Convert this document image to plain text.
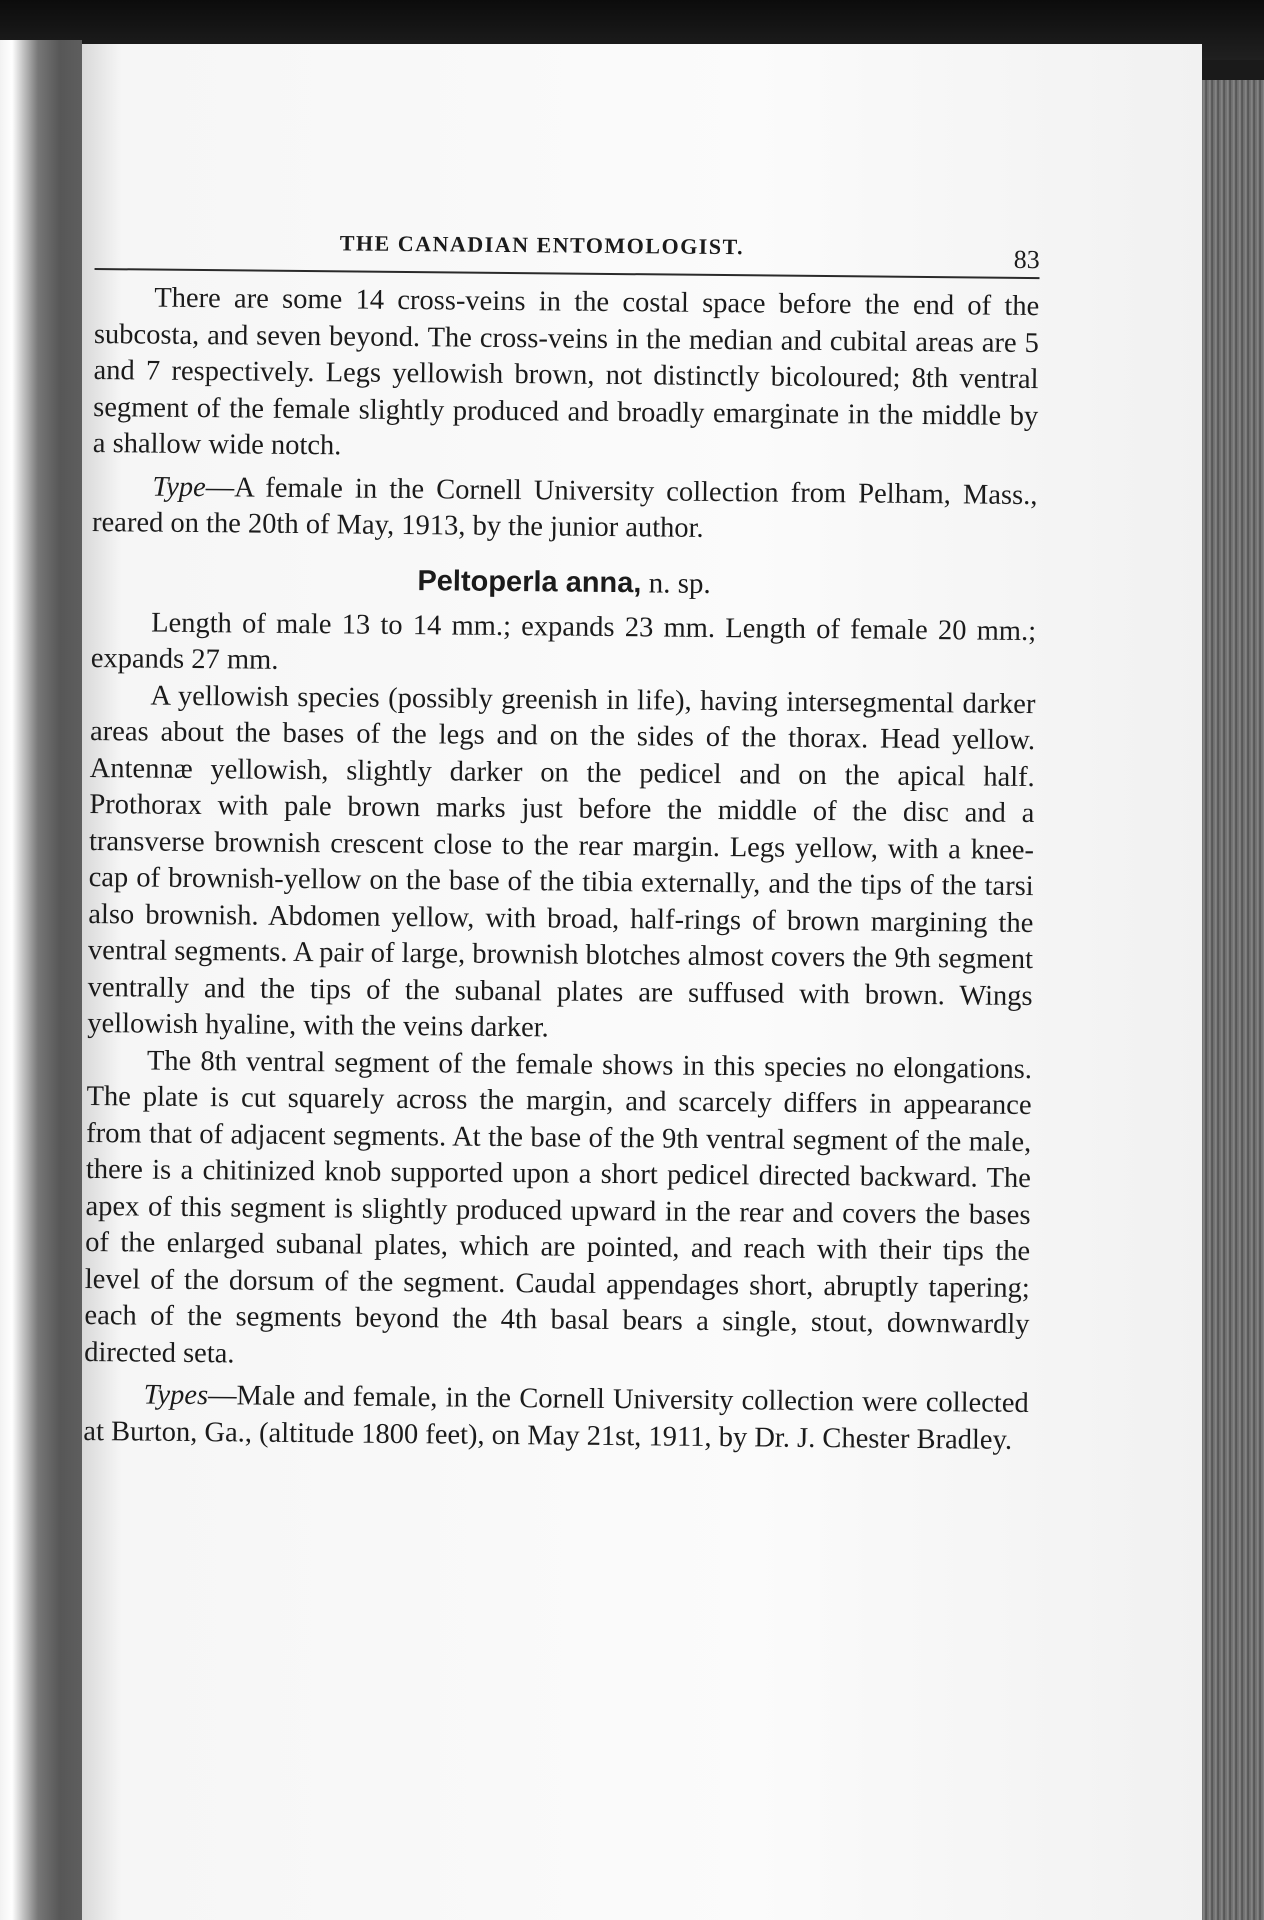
THE CANADIAN ENTOMOLOGIST.
83

There are some 14 cross-veins in the costal space before the end of the subcosta, and seven beyond. The cross-veins in the median and cubital areas are 5 and 7 respectively. Legs yellowish brown, not distinctly bicoloured; 8th ventral segment of the female slightly produced and broadly emarginate in the middle by a shallow wide notch.

Type—A female in the Cornell University collection from Pelham, Mass., reared on the 20th of May, 1913, by the junior author.

Peltoperla anna, n. sp.

Length of male 13 to 14 mm.; expands 23 mm. Length of female 20 mm.; expands 27 mm.

A yellowish species (possibly greenish in life), having intersegmental darker areas about the bases of the legs and on the sides of the thorax. Head yellow. Antennæ yellowish, slightly darker on the pedicel and on the apical half. Prothorax with pale brown marks just before the middle of the disc and a transverse brownish crescent close to the rear margin. Legs yellow, with a knee-cap of brownish-yellow on the base of the tibia externally, and the tips of the tarsi also brownish. Abdomen yellow, with broad, half-rings of brown margining the ventral segments. A pair of large, brownish blotches almost covers the 9th segment ventrally and the tips of the subanal plates are suffused with brown. Wings yellowish hyaline, with the veins darker.

The 8th ventral segment of the female shows in this species no elongations. The plate is cut squarely across the margin, and scarcely differs in appearance from that of adjacent segments. At the base of the 9th ventral segment of the male, there is a chitinized knob supported upon a short pedicel directed backward. The apex of this segment is slightly produced upward in the rear and covers the bases of the enlarged subanal plates, which are pointed, and reach with their tips the level of the dorsum of the segment. Caudal appendages short, abruptly tapering; each of the segments beyond the 4th basal bears a single, stout, downwardly directed seta.

Types—Male and female, in the Cornell University collection were collected at Burton, Ga., (altitude 1800 feet), on May 21st, 1911, by Dr. J. Chester Bradley.
